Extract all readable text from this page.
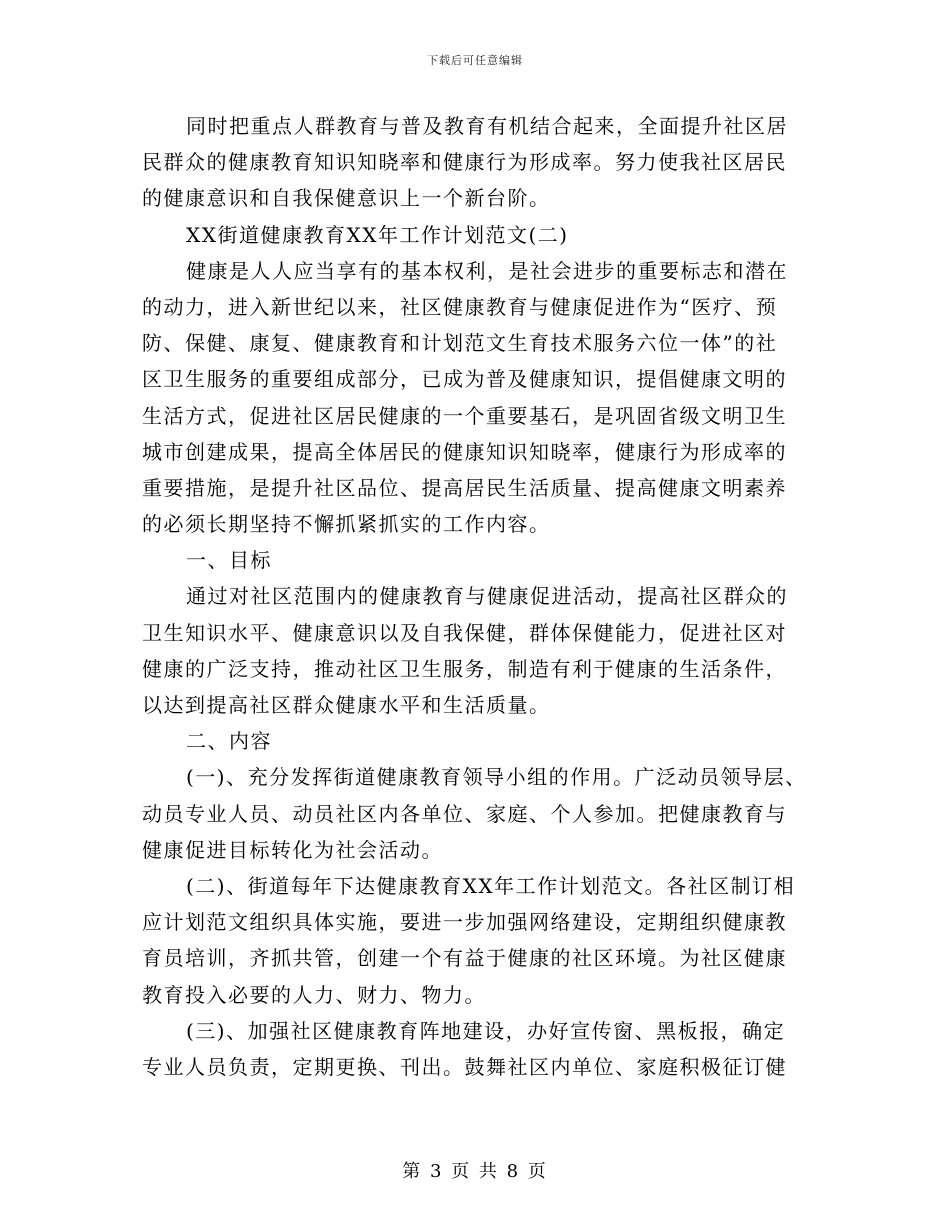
下载后可任意编辑
同时把重点人群教育与普及教育有机结合起来，全面提升社区居
民群众的健康教育知识知晓率和健康行为形成率。努力使我社区居民
的健康意识和自我保健意识上一个新台阶。
XX街道健康教育XX年工作计划范文(二)
健康是人人应当享有的基本权利，是社会进步的重要标志和潜在
的动力，进入新世纪以来，社区健康教育与健康促进作为“医疗、预
防、保健、康复、健康教育和计划范文生育技术服务六位一体”的社
区卫生服务的重要组成部分，已成为普及健康知识，提倡健康文明的
生活方式，促进社区居民健康的一个重要基石，是巩固省级文明卫生
城市创建成果，提高全体居民的健康知识知晓率，健康行为形成率的
重要措施，是提升社区品位、提高居民生活质量、提高健康文明素养
的必须长期坚持不懈抓紧抓实的工作内容。
一、目标
通过对社区范围内的健康教育与健康促进活动，提高社区群众的
卫生知识水平、健康意识以及自我保健，群体保健能力，促进社区对
健康的广泛支持，推动社区卫生服务，制造有利于健康的生活条件，
以达到提高社区群众健康水平和生活质量。
二、内容
(一)、充分发挥街道健康教育领导小组的作用。广泛动员领导层、
动员专业人员、动员社区内各单位、家庭、个人参加。把健康教育与
健康促进目标转化为社会活动。
(二)、街道每年下达健康教育XX年工作计划范文。各社区制订相
应计划范文组织具体实施，要进一步加强网络建设，定期组织健康教
育员培训，齐抓共管，创建一个有益于健康的社区环境。为社区健康
教育投入必要的人力、财力、物力。
(三)、加强社区健康教育阵地建设，办好宣传窗、黑板报，确定
专业人员负责，定期更换、刊出。鼓舞社区内单位、家庭积极征订健
第 3 页 共 8 页
